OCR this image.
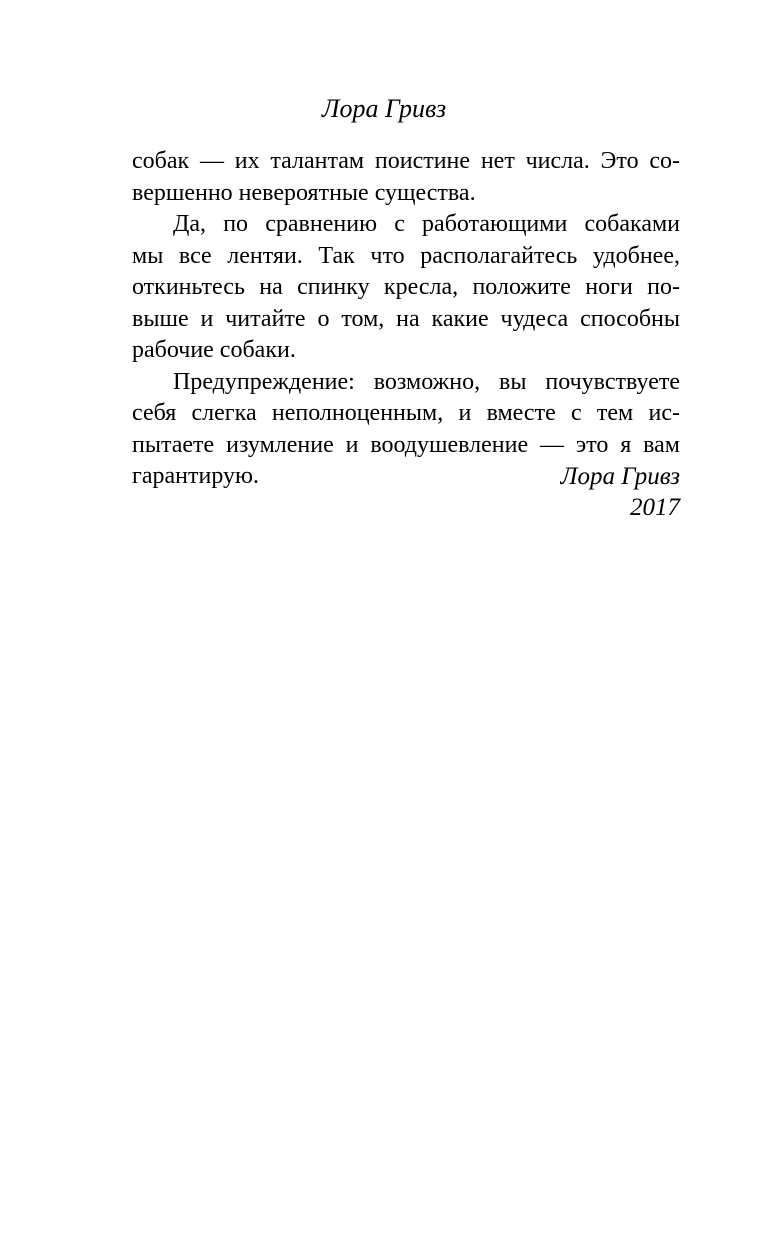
Лора Гривз
собак — их талантам поистине нет числа. Это со-
вершенно невероятные существа.
Да, по сравнению с работающими собаками
мы все лентяи. Так что располагайтесь удобнее,
откиньтесь на спинку кресла, положите ноги по-
выше и читайте о том, на какие чудеса способны
рабочие собаки.
Предупреждение: возможно, вы почувствуете
себя слегка неполноценным, и вместе с тем ис-
пытаете изумление и воодушевление — это я вам
гарантирую.	Лора Гривз
2017
